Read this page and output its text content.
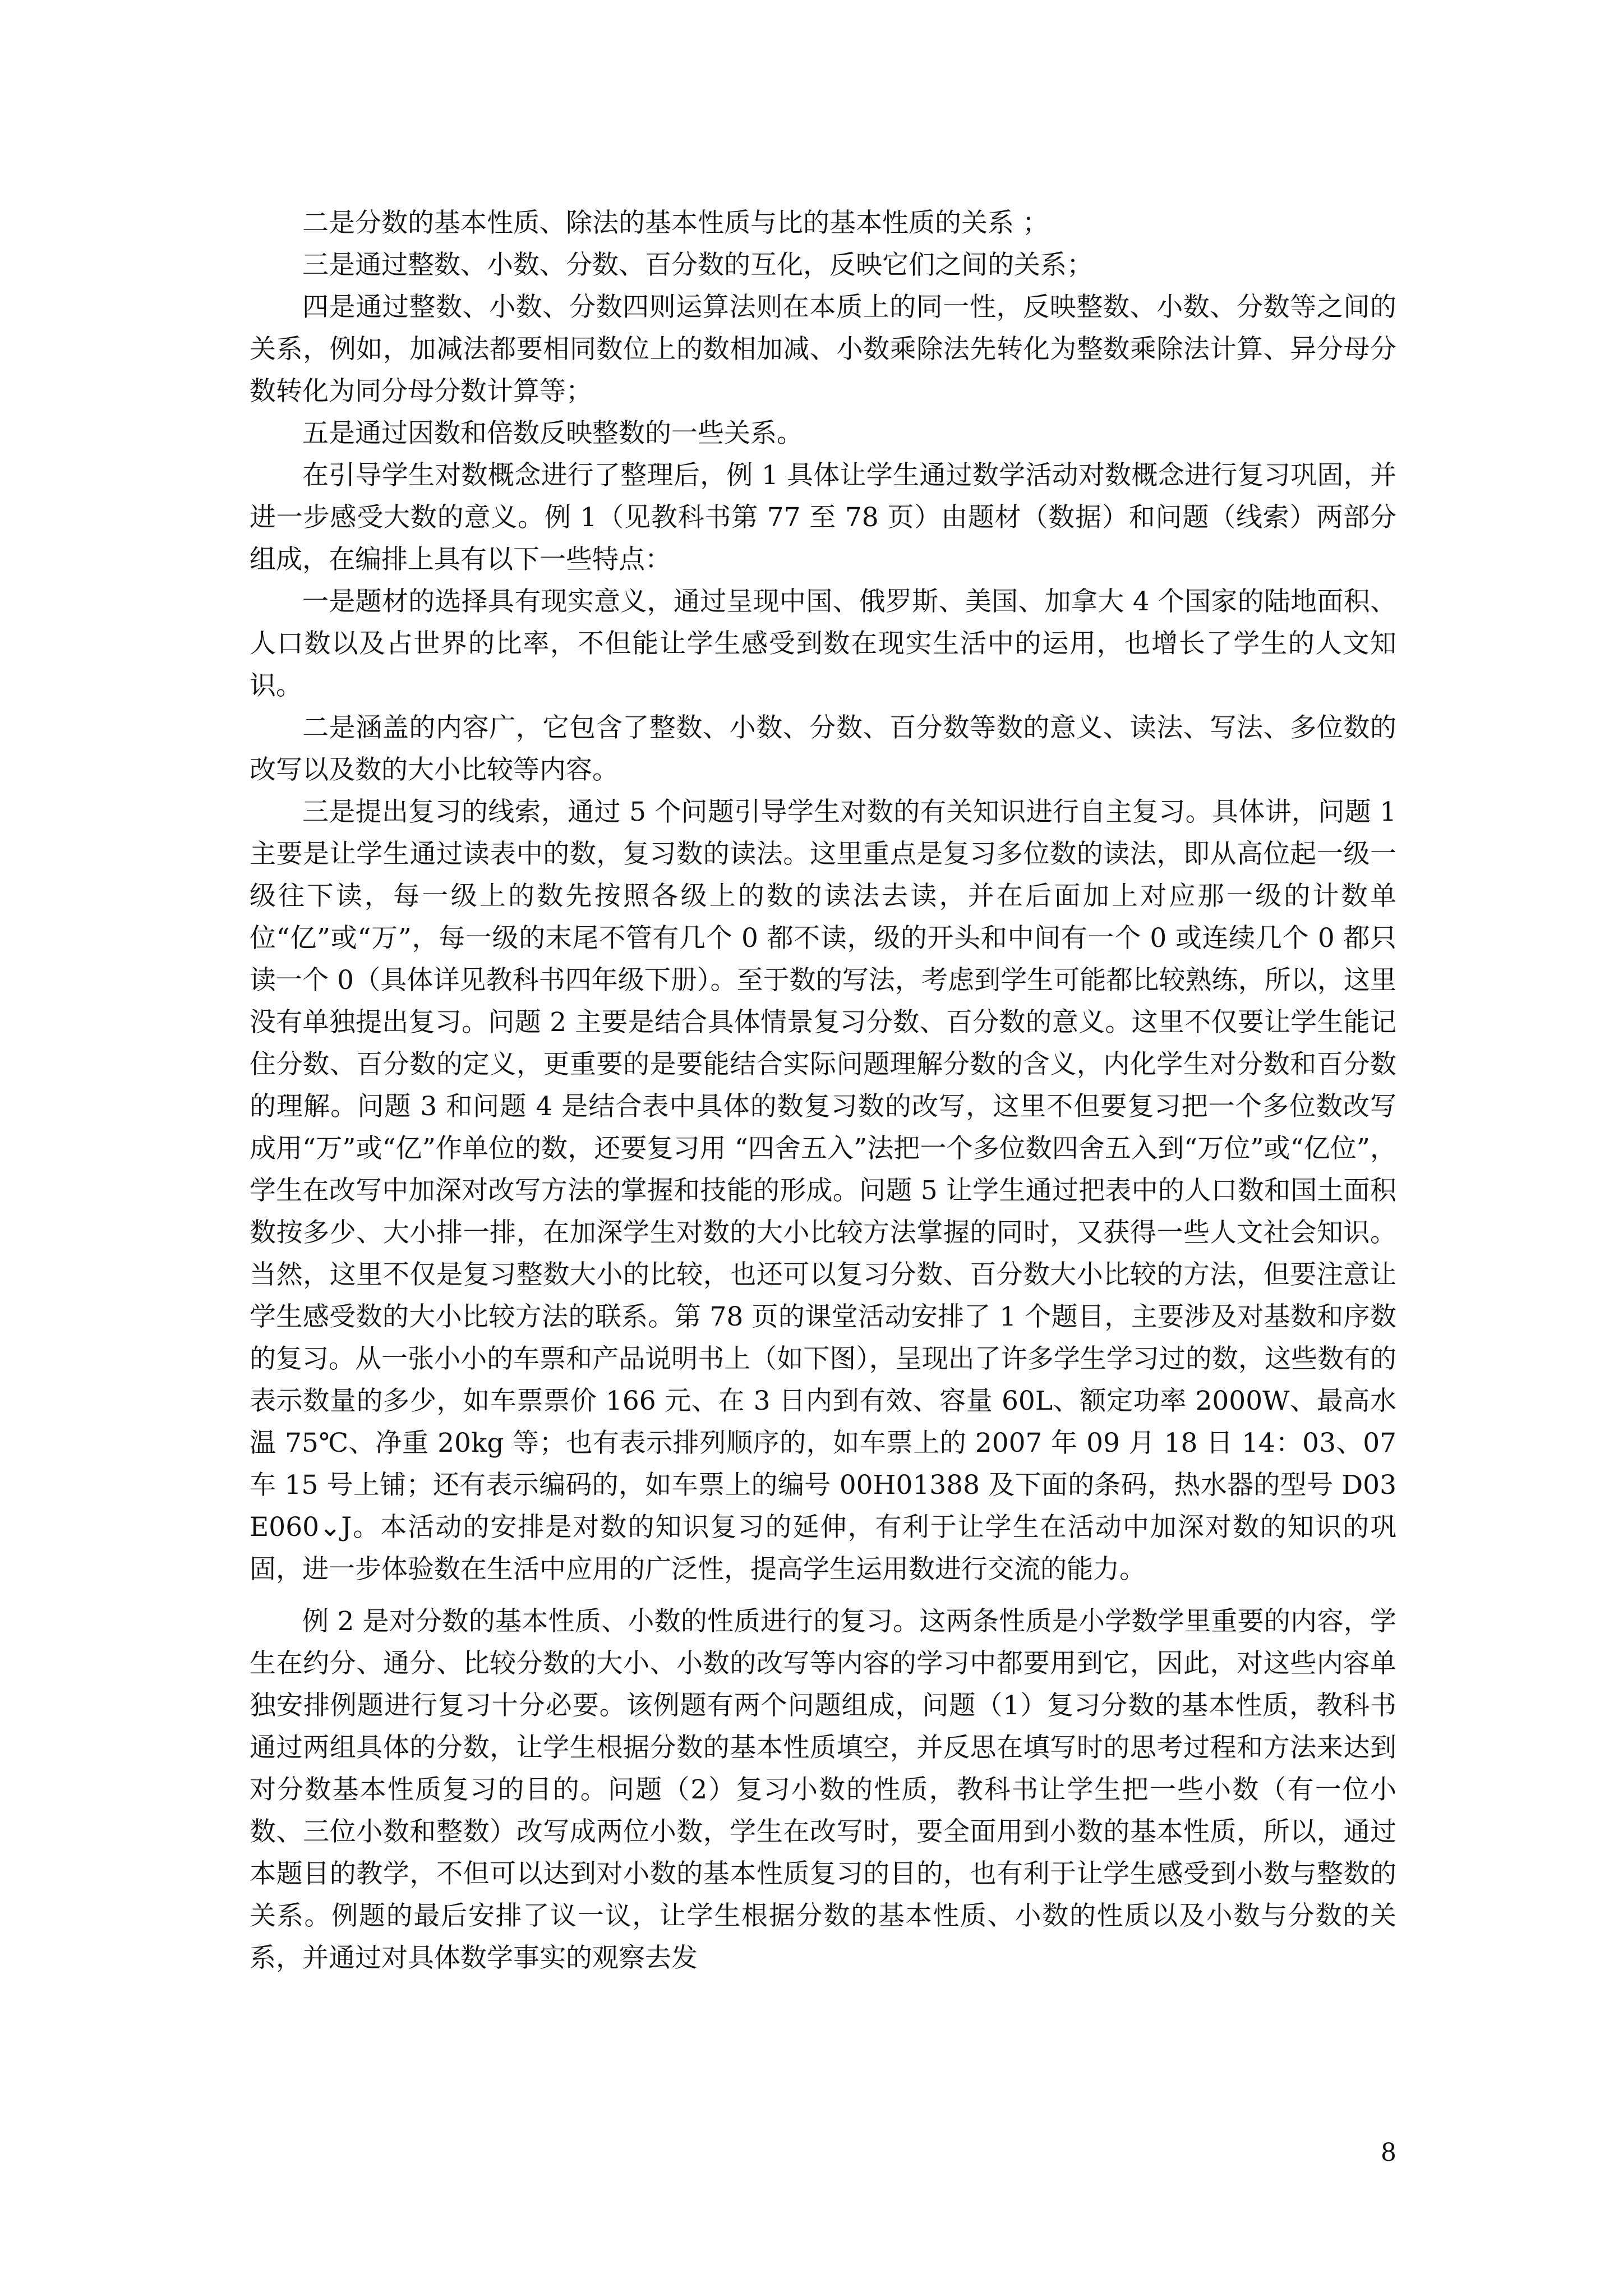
二是分数的基本性质、除法的基本性质与比的基本性质的关系 ；

三是通过整数、小数、分数、百分数的互化，反映它们之间的关系；

四是通过整数、小数、分数四则运算法则在本质上的同一性，反映整数、小数、分数等之间的关系，例如，加减法都要相同数位上的数相加减、小数乘除法先转化为整数乘除法计算、异分母分数转化为同分母分数计算等；

五是通过因数和倍数反映整数的一些关系。

在引导学生对数概念进行了整理后，例 1 具体让学生通过数学活动对数概念进行复习巩固，并进一步感受大数的意义。例 1（见教科书第 77 至 78 页）由题材（数据）和问题（线索）两部分组成，在编排上具有以下一些特点：

一是题材的选择具有现实意义，通过呈现中国、俄罗斯、美国、加拿大 4 个国家的陆地面积、人口数以及占世界的比率，不但能让学生感受到数在现实生活中的运用，也增长了学生的人文知识。

二是涵盖的内容广，它包含了整数、小数、分数、百分数等数的意义、读法、写法、多位数的改写以及数的大小比较等内容。

三是提出复习的线索，通过 5 个问题引导学生对数的有关知识进行自主复习。具体讲，问题 1 主要是让学生通过读表中的数，复习数的读法。这里重点是复习多位数的读法，即从高位起一级一级往下读，每一级上的数先按照各级上的数的读法去读，并在后面加上对应那一级的计数单位“亿”或“万”，每一级的末尾不管有几个 0 都不读，级的开头和中间有一个 0 或连续几个 0 都只读一个 0（具体详见教科书四年级下册）。至于数的写法，考虑到学生可能都比较熟练，所以，这里没有单独提出复习。问题 2 主要是结合具体情景复习分数、百分数的意义。这里不仅要让学生能记住分数、百分数的定义，更重要的是要能结合实际问题理解分数的含义，内化学生对分数和百分数的理解。问题 3 和问题 4 是结合表中具体的数复习数的改写，这里不但要复习把一个多位数改写成用“万”或“亿”作单位的数，还要复习用 “四舍五入”法把一个多位数四舍五入到“万位”或“亿位”，学生在改写中加深对改写方法的掌握和技能的形成。问题 5 让学生通过把表中的人口数和国土面积数按多少、大小排一排，在加深学生对数的大小比较方法掌握的同时，又获得一些人文社会知识。当然，这里不仅是复习整数大小的比较，也还可以复习分数、百分数大小比较的方法，但要注意让学生感受数的大小比较方法的联系。第 78 页的课堂活动安排了 1 个题目，主要涉及对基数和序数的复习。从一张小小的车票和产品说明书上（如下图），呈现出了许多学生学习过的数，这些数有的表示数量的多少，如车票票价 166 元、在 3 日内到有效、容量 60L、额定功率 2000W、最高水温 75℃、净重 20kg 等；也有表示排列顺序的，如车票上的 2007 年 09 月 18 日 14：03、07 车 15 号上铺；还有表示编码的，如车票上的编号 00H01388 及下面的条码，热水器的型号 D03E060⌄J。本活动的安排是对数的知识复习的延伸，有利于让学生在活动中加深对数的知识的巩固，进一步体验数在生活中应用的广泛性，提高学生运用数进行交流的能力。

例 2 是对分数的基本性质、小数的性质进行的复习。这两条性质是小学数学里重要的内容，学生在约分、通分、比较分数的大小、小数的改写等内容的学习中都要用到它，因此，对这些内容单独安排例题进行复习十分必要。该例题有两个问题组成，问题（1）复习分数的基本性质，教科书通过两组具体的分数，让学生根据分数的基本性质填空，并反思在填写时的思考过程和方法来达到对分数基本性质复习的目的。问题（2）复习小数的性质，教科书让学生把一些小数（有一位小数、三位小数和整数）改写成两位小数，学生在改写时，要全面用到小数的基本性质，所以，通过本题目的教学，不但可以达到对小数的基本性质复习的目的，也有利于让学生感受到小数与整数的关系。例题的最后安排了议一议，让学生根据分数的基本性质、小数的性质以及小数与分数的关系，并通过对具体数学事实的观察去发

8
